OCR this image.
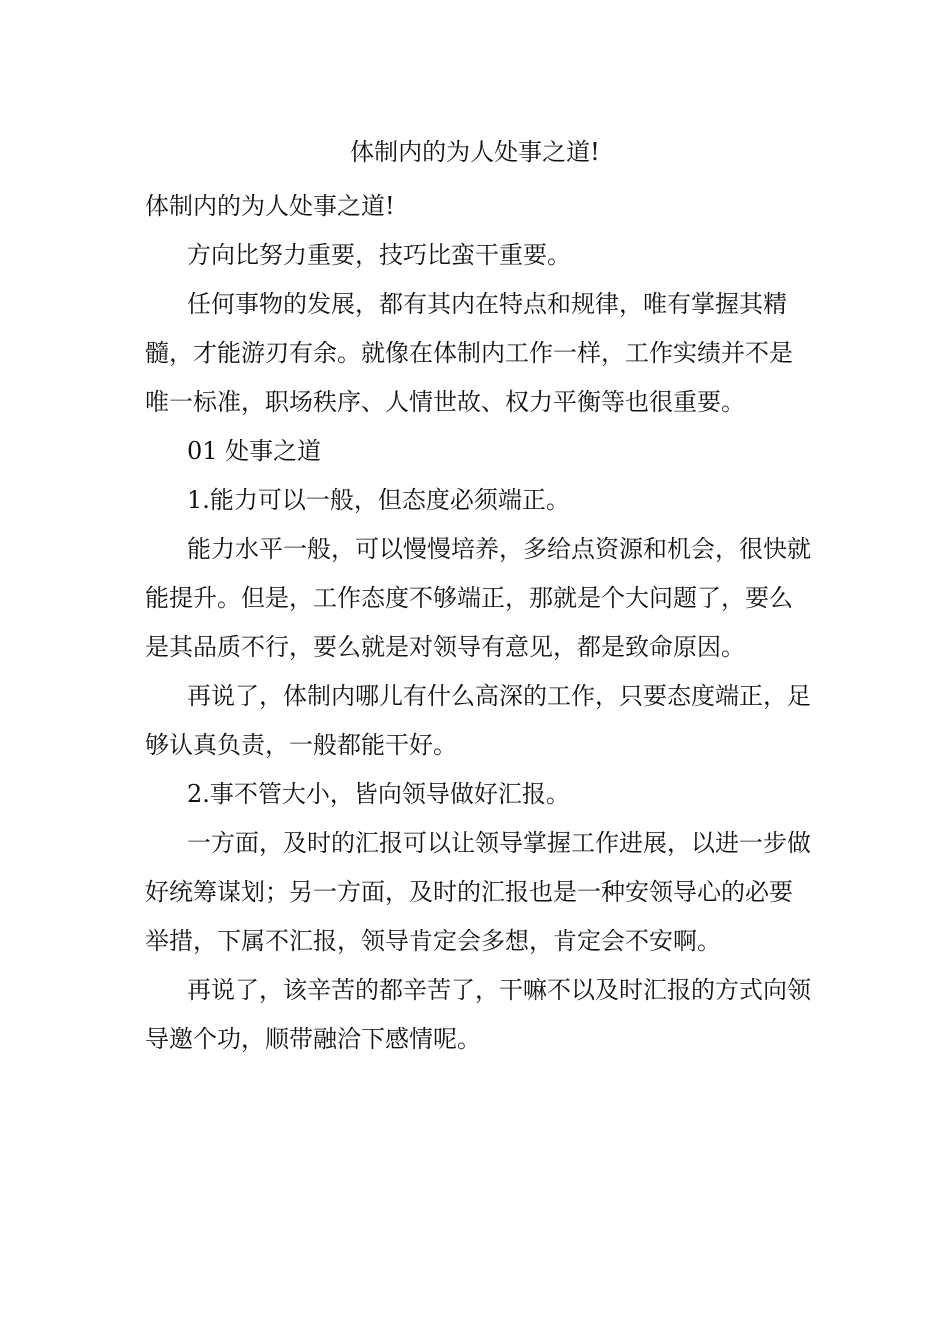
体制内的为人处事之道!

体制内的为人处事之道!

方向比努力重要，技巧比蛮干重要。

任何事物的发展，都有其内在特点和规律，唯有掌握其精髓，才能游刃有余。就像在体制内工作一样，工作实绩并不是唯一标准，职场秩序、人情世故、权力平衡等也很重要。

01 处事之道

1.能力可以一般，但态度必须端正。

能力水平一般，可以慢慢培养，多给点资源和机会，很快就能提升。但是，工作态度不够端正，那就是个大问题了，要么是其品质不行，要么就是对领导有意见，都是致命原因。

再说了，体制内哪儿有什么高深的工作，只要态度端正，足够认真负责，一般都能干好。

2.事不管大小，皆向领导做好汇报。

一方面，及时的汇报可以让领导掌握工作进展，以进一步做好统筹谋划；另一方面，及时的汇报也是一种安领导心的必要举措，下属不汇报，领导肯定会多想，肯定会不安啊。

再说了，该辛苦的都辛苦了，干嘛不以及时汇报的方式向领导邀个功，顺带融洽下感情呢。
